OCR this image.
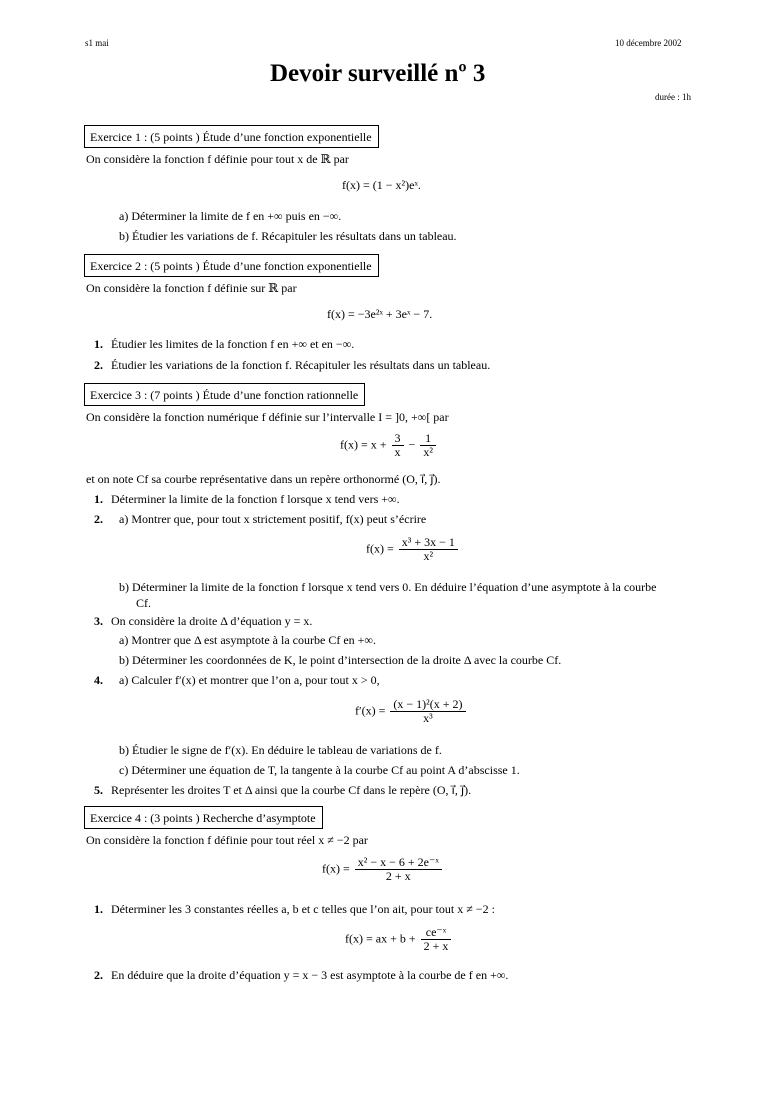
s1 mai	10 décembre 2002
Devoir surveillé nº 3
durée : 1h
Exercice 1 : (5 points ) Étude d’une fonction exponentielle
On considère la fonction f définie pour tout x de ℝ par
f(x) = (1 − x²)eˣ.
a) Déterminer la limite de f en +∞ puis en −∞.
b) Étudier les variations de f. Récapituler les résultats dans un tableau.
Exercice 2 : (5 points ) Étude d’une fonction exponentielle
On considère la fonction f définie sur ℝ par
f(x) = −3e²ˣ + 3eˣ − 7.
1. Étudier les limites de la fonction f en +∞ et en −∞.
2. Étudier les variations de la fonction f. Récapituler les résultats dans un tableau.
Exercice 3 : (7 points ) Étude d’une fonction rationnelle
On considère la fonction numérique f définie sur l’intervalle I = ]0, +∞[ par
$f(x) = x + \frac{3}{x} - \frac{1}{\text{x²}}$
et on note Cf sa courbe représentative dans un repère orthonormé (O, i⃗, j⃗).
1. Déterminer la limite de la fonction f lorsque x tend vers +∞.
2. a) Montrer que, pour tout x strictement positif, f(x) peut s’écrire
$f(x) = \frac{\text{x³ + 3x − 1}}{\text{x²}}$
b) Déterminer la limite de la fonction f lorsque x tend vers 0. En déduire l’équation d’une asymptote à la courbe
Cf.
3. On considère la droite Δ d’équation y = x.
a) Montrer que Δ est asymptote à la courbe Cf en +∞.
b) Déterminer les coordonnées de K, le point d’intersection de la droite Δ avec la courbe Cf.
4. a) Calculer f′(x) et montrer que l’on a, pour tout x > 0,
$f'(x) = \frac{\text{(x − 1)²(x + 2)}}{\text{x³}}$
b) Étudier le signe de f′(x). En déduire le tableau de variations de f.
c) Déterminer une équation de T, la tangente à la courbe Cf au point A d’abscisse 1.
5. Représenter les droites T et Δ ainsi que la courbe Cf dans le repère (O, i⃗, j⃗).
Exercice 4 : (3 points ) Recherche d’asymptote
On considère la fonction f définie pour tout réel x ≠ −2 par
$f(x) = \frac{\text{x² − x − 6 + 2e⁻ˣ}}{2 + x}$
1. Déterminer les 3 constantes réelles a, b et c telles que l’on ait, pour tout x ≠ −2 :
f(x) = ax + $b + \frac{\text{ce⁻ˣ}}{2 + x}$
2. En déduire que la droite d’équation y = x − 3 est asymptote à la courbe de f en +∞.
